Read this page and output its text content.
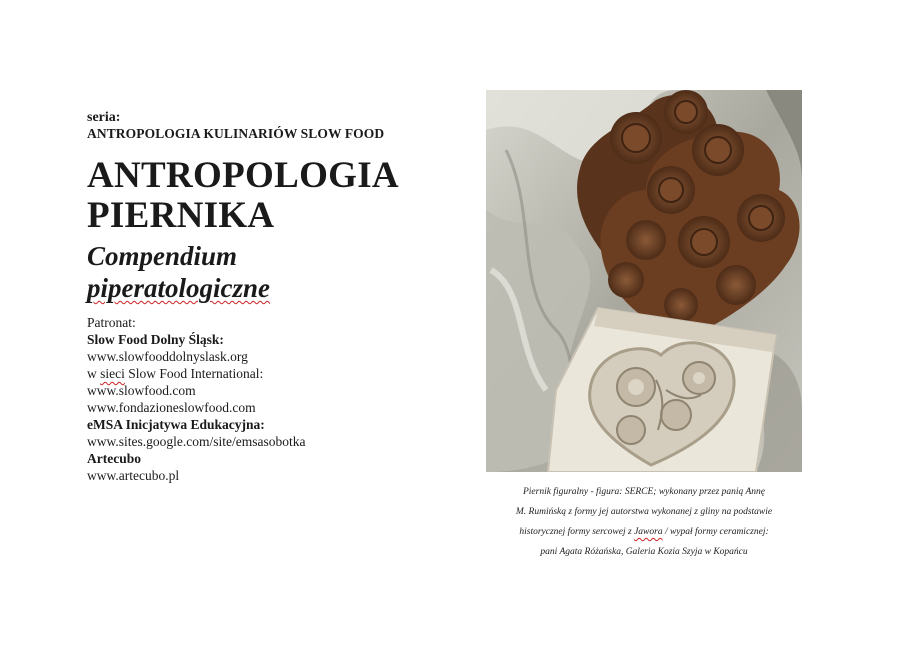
seria:

ANTROPOLOGIA KULINARIÓW SLOW FOOD

ANTROPOLOGIA
PIERNIKA
Compendium
piperatologiczne
Patronat:
Slow Food Dolny Śląsk:
www.slowfooddolnyslask.org
w sieci Slow Food International:
www.slowfood.com
www.fondazioneslowfood.com
eMSA Inicjatywa Edukacyjna:
www.sites.google.com/site/emsasobotka
Artecubo
www.artecubo.pl
Piernik figuralny - figura: SERCE; wykonany przez panią Annę
M. Rumińską z formy jej autorstwa wykonanej z gliny na podstawie
historycznej formy sercowej z Jawora / wypał formy ceramicznej:
pani Agata Różańska, Galeria Kozia Szyja w Kopańcu
